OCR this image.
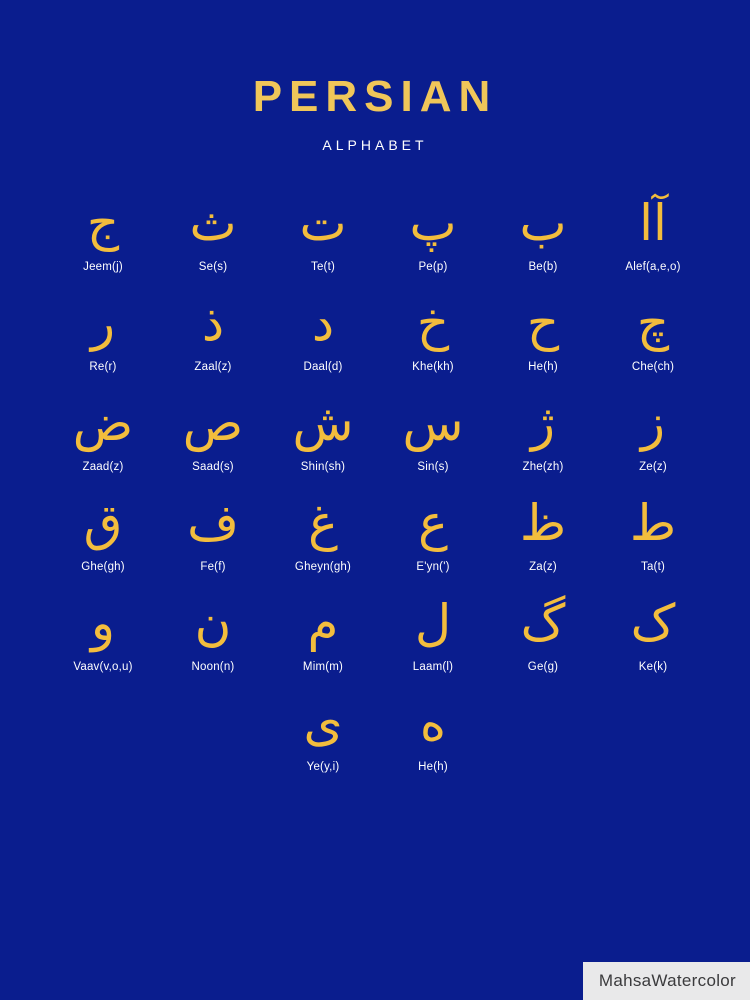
PERSIAN
ALPHABET
ج
Jeem(j)
ث
Se(s)
ت
Te(t)
پ
Pe(p)
ب
Be(b)
آا
Alef(a,e,o)
ر
Re(r)
ذ
Zaal(z)
د
Daal(d)
خ
Khe(kh)
ح
He(h)
چ
Che(ch)
ض
Zaad(z)
ص
Saad(s)
ش
Shin(sh)
س
Sin(s)
ژ
Zhe(zh)
ز
Ze(z)
ق
Ghe(gh)
ف
Fe(f)
غ
Gheyn(gh)
ع
E'yn(')
ظ
Za(z)
ط
Ta(t)
و
Vaav(v,o,u)
ن
Noon(n)
م
Mim(m)
ل
Laam(l)
گ
Ge(g)
ک
Ke(k)
ی
Ye(y,i)
ه
He(h)
MahsaWatercolor
